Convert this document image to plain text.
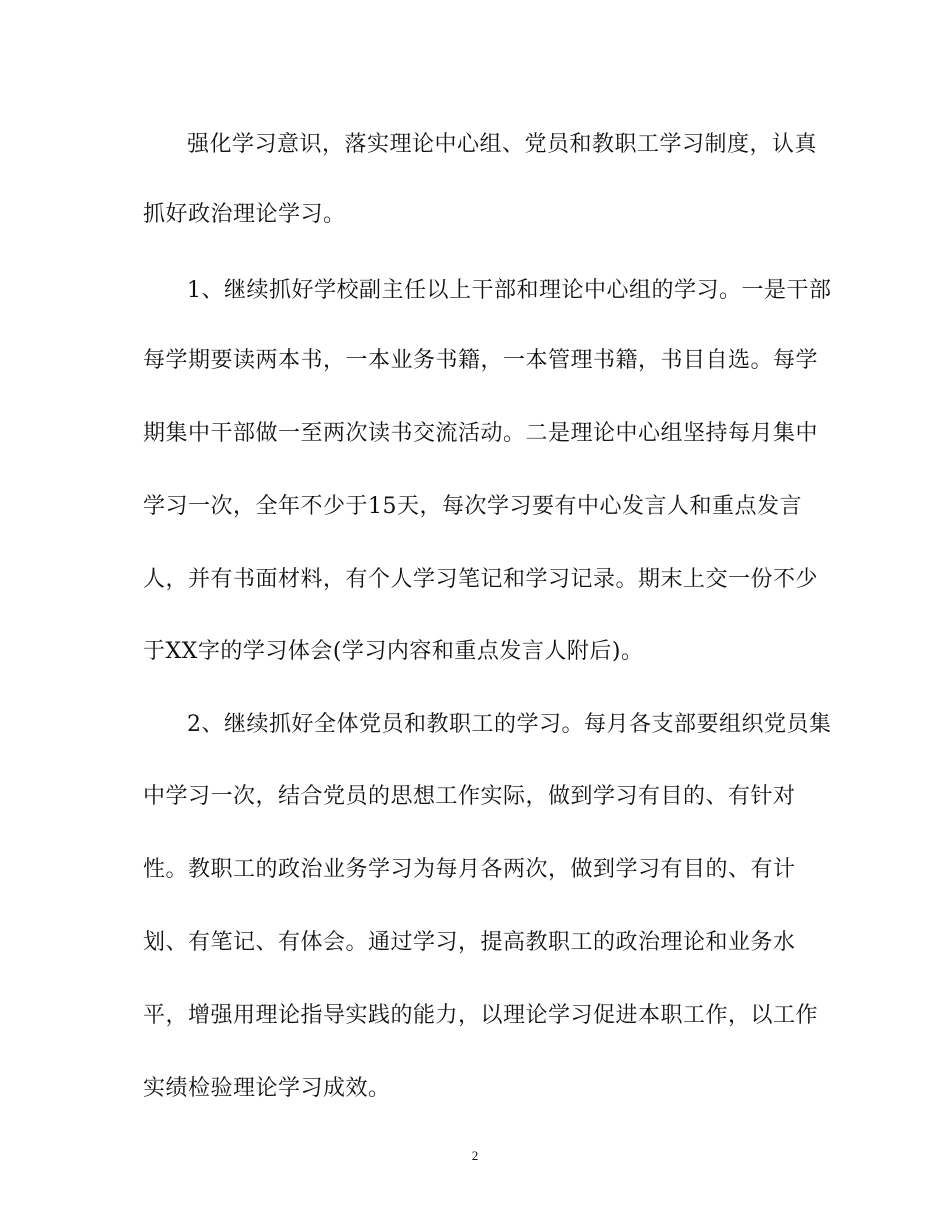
强化学习意识，落实理论中心组、党员和教职工学习制度，认真
抓好政治理论学习。
1、继续抓好学校副主任以上干部和理论中心组的学习。一是干部
每学期要读两本书，一本业务书籍，一本管理书籍，书目自选。每学
期集中干部做一至两次读书交流活动。二是理论中心组坚持每月集中
学习一次，全年不少于15天，每次学习要有中心发言人和重点发言
人，并有书面材料，有个人学习笔记和学习记录。期末上交一份不少
于XX字的学习体会(学习内容和重点发言人附后)。
2、继续抓好全体党员和教职工的学习。每月各支部要组织党员集
中学习一次，结合党员的思想工作实际，做到学习有目的、有针对
性。教职工的政治业务学习为每月各两次，做到学习有目的、有计
划、有笔记、有体会。通过学习，提高教职工的政治理论和业务水
平，增强用理论指导实践的能力，以理论学习促进本职工作，以工作
实绩检验理论学习成效。
2
